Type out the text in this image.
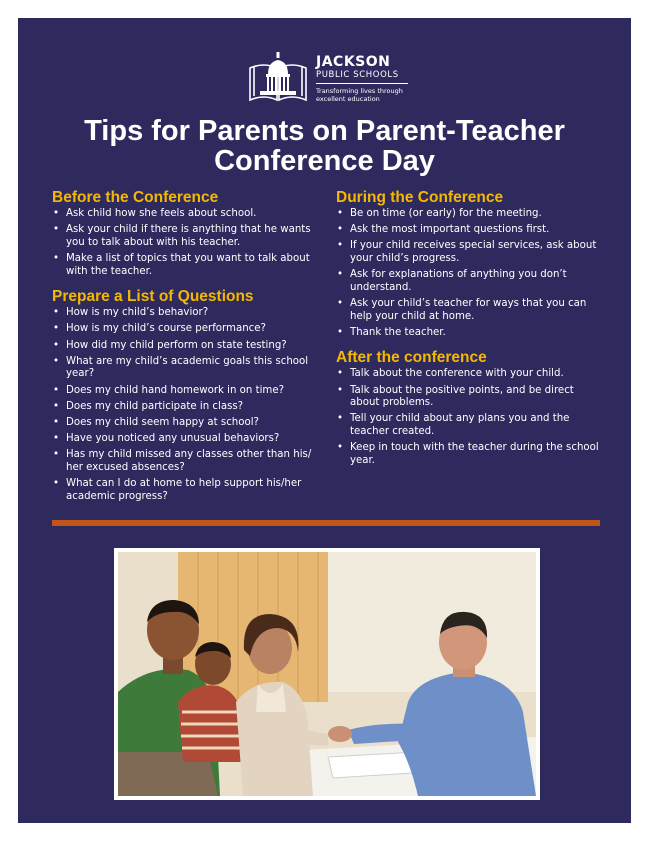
JACKSON
PUBLIC SCHOOLS
Transforming lives through
excellent education
Tips for Parents on Parent-Teacher
Conference Day
Before the Conference
• Ask child how she feels about school.
• Ask your child if there is anything that he wants you to talk about with his teacher.
• Make a list of topics that you want to talk about with the teacher.
Prepare a List of Questions
• How is my child’s behavior?
• How is my child’s course performance?
• How did my child perform on state testing?
• What are my child’s academic goals this school year?
• Does my child hand homework in on time?
• Does my child participate in class?
• Does my child seem happy at school?
• Have you noticed any unusual behaviors?
• Has my child missed any classes other than his/ her excused absences?
• What can I do at home to help support his/her academic progress?
During the Conference
• Be on time (or early) for the meeting.
• Ask the most important questions first.
• If your child receives special services, ask about your child’s progress.
• Ask for explanations of anything you don’t understand.
• Ask your child’s teacher for ways that you can help your child at home.
• Thank the teacher.
After the conference
• Talk about the conference with your child.
• Talk about the positive points, and be direct about problems.
• Tell your child about any plans you and the teacher created.
• Keep in touch with the teacher during the school year.
